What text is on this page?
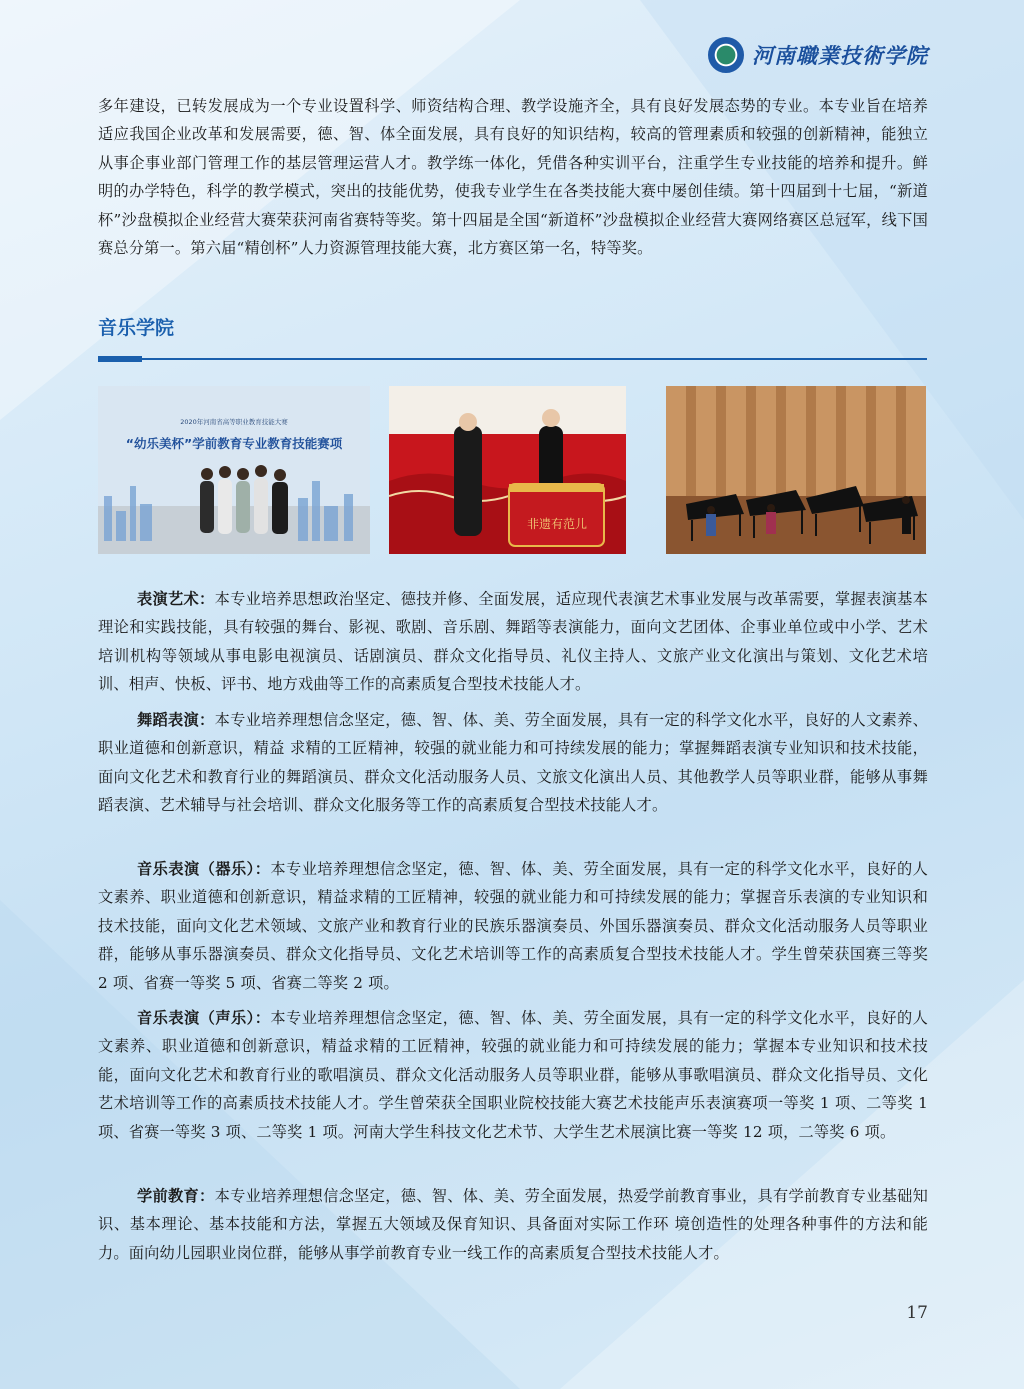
河南職業技術学院

多年建设，已转发展成为一个专业设置科学、师资结构合理、教学设施齐全，具有良好发展态势的专业。本专业旨在培养适应我国企业改革和发展需要，德、智、体全面发展，具有良好的知识结构，较高的管理素质和较强的创新精神，能独立从事企事业部门管理工作的基层管理运营人才。教学练一体化，凭借各种实训平台，注重学生专业技能的培养和提升。鲜明的办学特色，科学的教学模式，突出的技能优势，使我专业学生在各类技能大赛中屡创佳绩。第十四届到十七届，“新道杯”沙盘模拟企业经营大赛荣获河南省赛特等奖。第十四届是全国“新道杯”沙盘模拟企业经营大赛网络赛区总冠军，线下国赛总分第一。第六届“精创杯”人力资源管理技能大赛，北方赛区第一名，特等奖。

音乐学院
2020年河南省高等职业教育技能大赛
“幼乐美杯”学前教育专业教育技能赛项
非遗有范儿

表演艺术：本专业培养思想政治坚定、德技并修、全面发展，适应现代表演艺术事业发展与改革需要，掌握表演基本理论和实践技能，具有较强的舞台、影视、歌剧、音乐剧、舞蹈等表演能力，面向文艺团体、企事业单位或中小学、艺术培训机构等领域从事电影电视演员、话剧演员、群众文化指导员、礼仪主持人、文旅产业文化演出与策划、文化艺术培训、相声、快板、评书、地方戏曲等工作的高素质复合型技术技能人才。

舞蹈表演：本专业培养理想信念坚定，德、智、体、美、劳全面发展，具有一定的科学文化水平，良好的人文素养、职业道德和创新意识，精益 求精的工匠精神，较强的就业能力和可持续发展的能力；掌握舞蹈表演专业知识和技术技能，面向文化艺术和教育行业的舞蹈演员、群众文化活动服务人员、文旅文化演出人员、其他教学人员等职业群，能够从事舞蹈表演、艺术辅导与社会培训、群众文化服务等工作的高素质复合型技术技能人才。

音乐表演（器乐）：本专业培养理想信念坚定，德、智、体、美、劳全面发展，具有一定的科学文化水平，良好的人文素养、职业道德和创新意识，精益求精的工匠精神，较强的就业能力和可持续发展的能力；掌握音乐表演的专业知识和技术技能，面向文化艺术领域、文旅产业和教育行业的民族乐器演奏员、外国乐器演奏员、群众文化活动服务人员等职业群，能够从事乐器演奏员、群众文化指导员、文化艺术培训等工作的高素质复合型技术技能人才。学生曾荣获国赛三等奖 2 项、省赛一等奖 5 项、省赛二等奖 2 项。

音乐表演（声乐）：本专业培养理想信念坚定，德、智、体、美、劳全面发展，具有一定的科学文化水平，良好的人文素养、职业道德和创新意识，精益求精的工匠精神，较强的就业能力和可持续发展的能力；掌握本专业知识和技术技能，面向文化艺术和教育行业的歌唱演员、群众文化活动服务人员等职业群，能够从事歌唱演员、群众文化指导员、文化艺术培训等工作的高素质技术技能人才。学生曾荣获全国职业院校技能大赛艺术技能声乐表演赛项一等奖 1 项、二等奖 1 项、省赛一等奖 3 项、二等奖 1 项。河南大学生科技文化艺术节、大学生艺术展演比赛一等奖 12 项，二等奖 6 项。

学前教育：本专业培养理想信念坚定，德、智、体、美、劳全面发展，热爱学前教育事业，具有学前教育专业基础知识、基本理论、基本技能和方法，掌握五大领域及保育知识、具备面对实际工作环 境创造性的处理各种事件的方法和能力。面向幼儿园职业岗位群，能够从事学前教育专业一线工作的高素质复合型技术技能人才。

17
